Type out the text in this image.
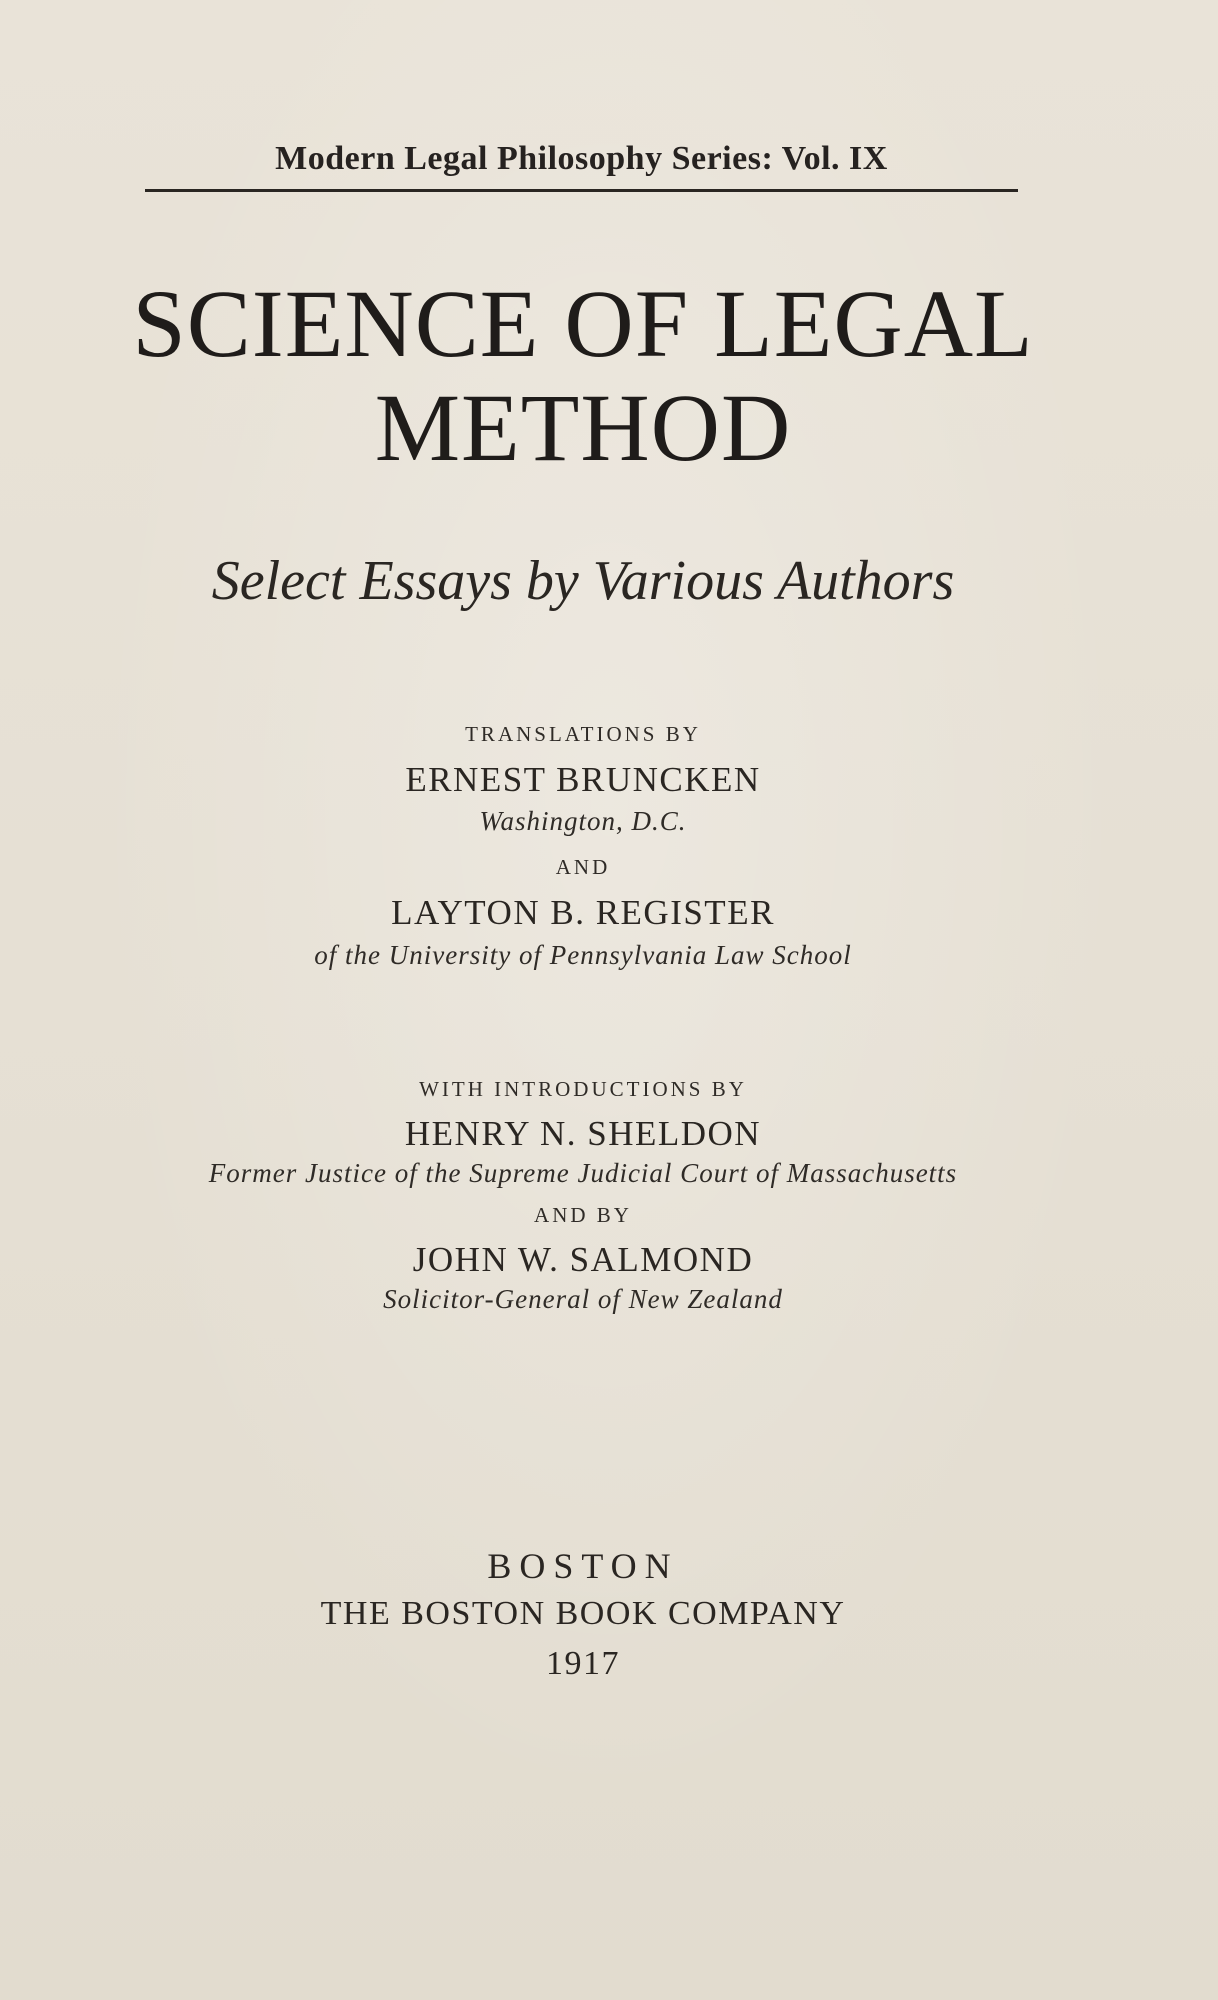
Modern Legal Philosophy Series: Vol. IX
SCIENCE OF LEGAL
METHOD
Select Essays by Various Authors
TRANSLATIONS BY
ERNEST BRUNCKEN
Washington, D.C.
AND
LAYTON B. REGISTER
of the University of Pennsylvania Law School
WITH INTRODUCTIONS BY
HENRY N. SHELDON
Former Justice of the Supreme Judicial Court of Massachusetts
AND BY
JOHN W. SALMOND
Solicitor-General of New Zealand
BOSTON
THE BOSTON BOOK COMPANY
1917
